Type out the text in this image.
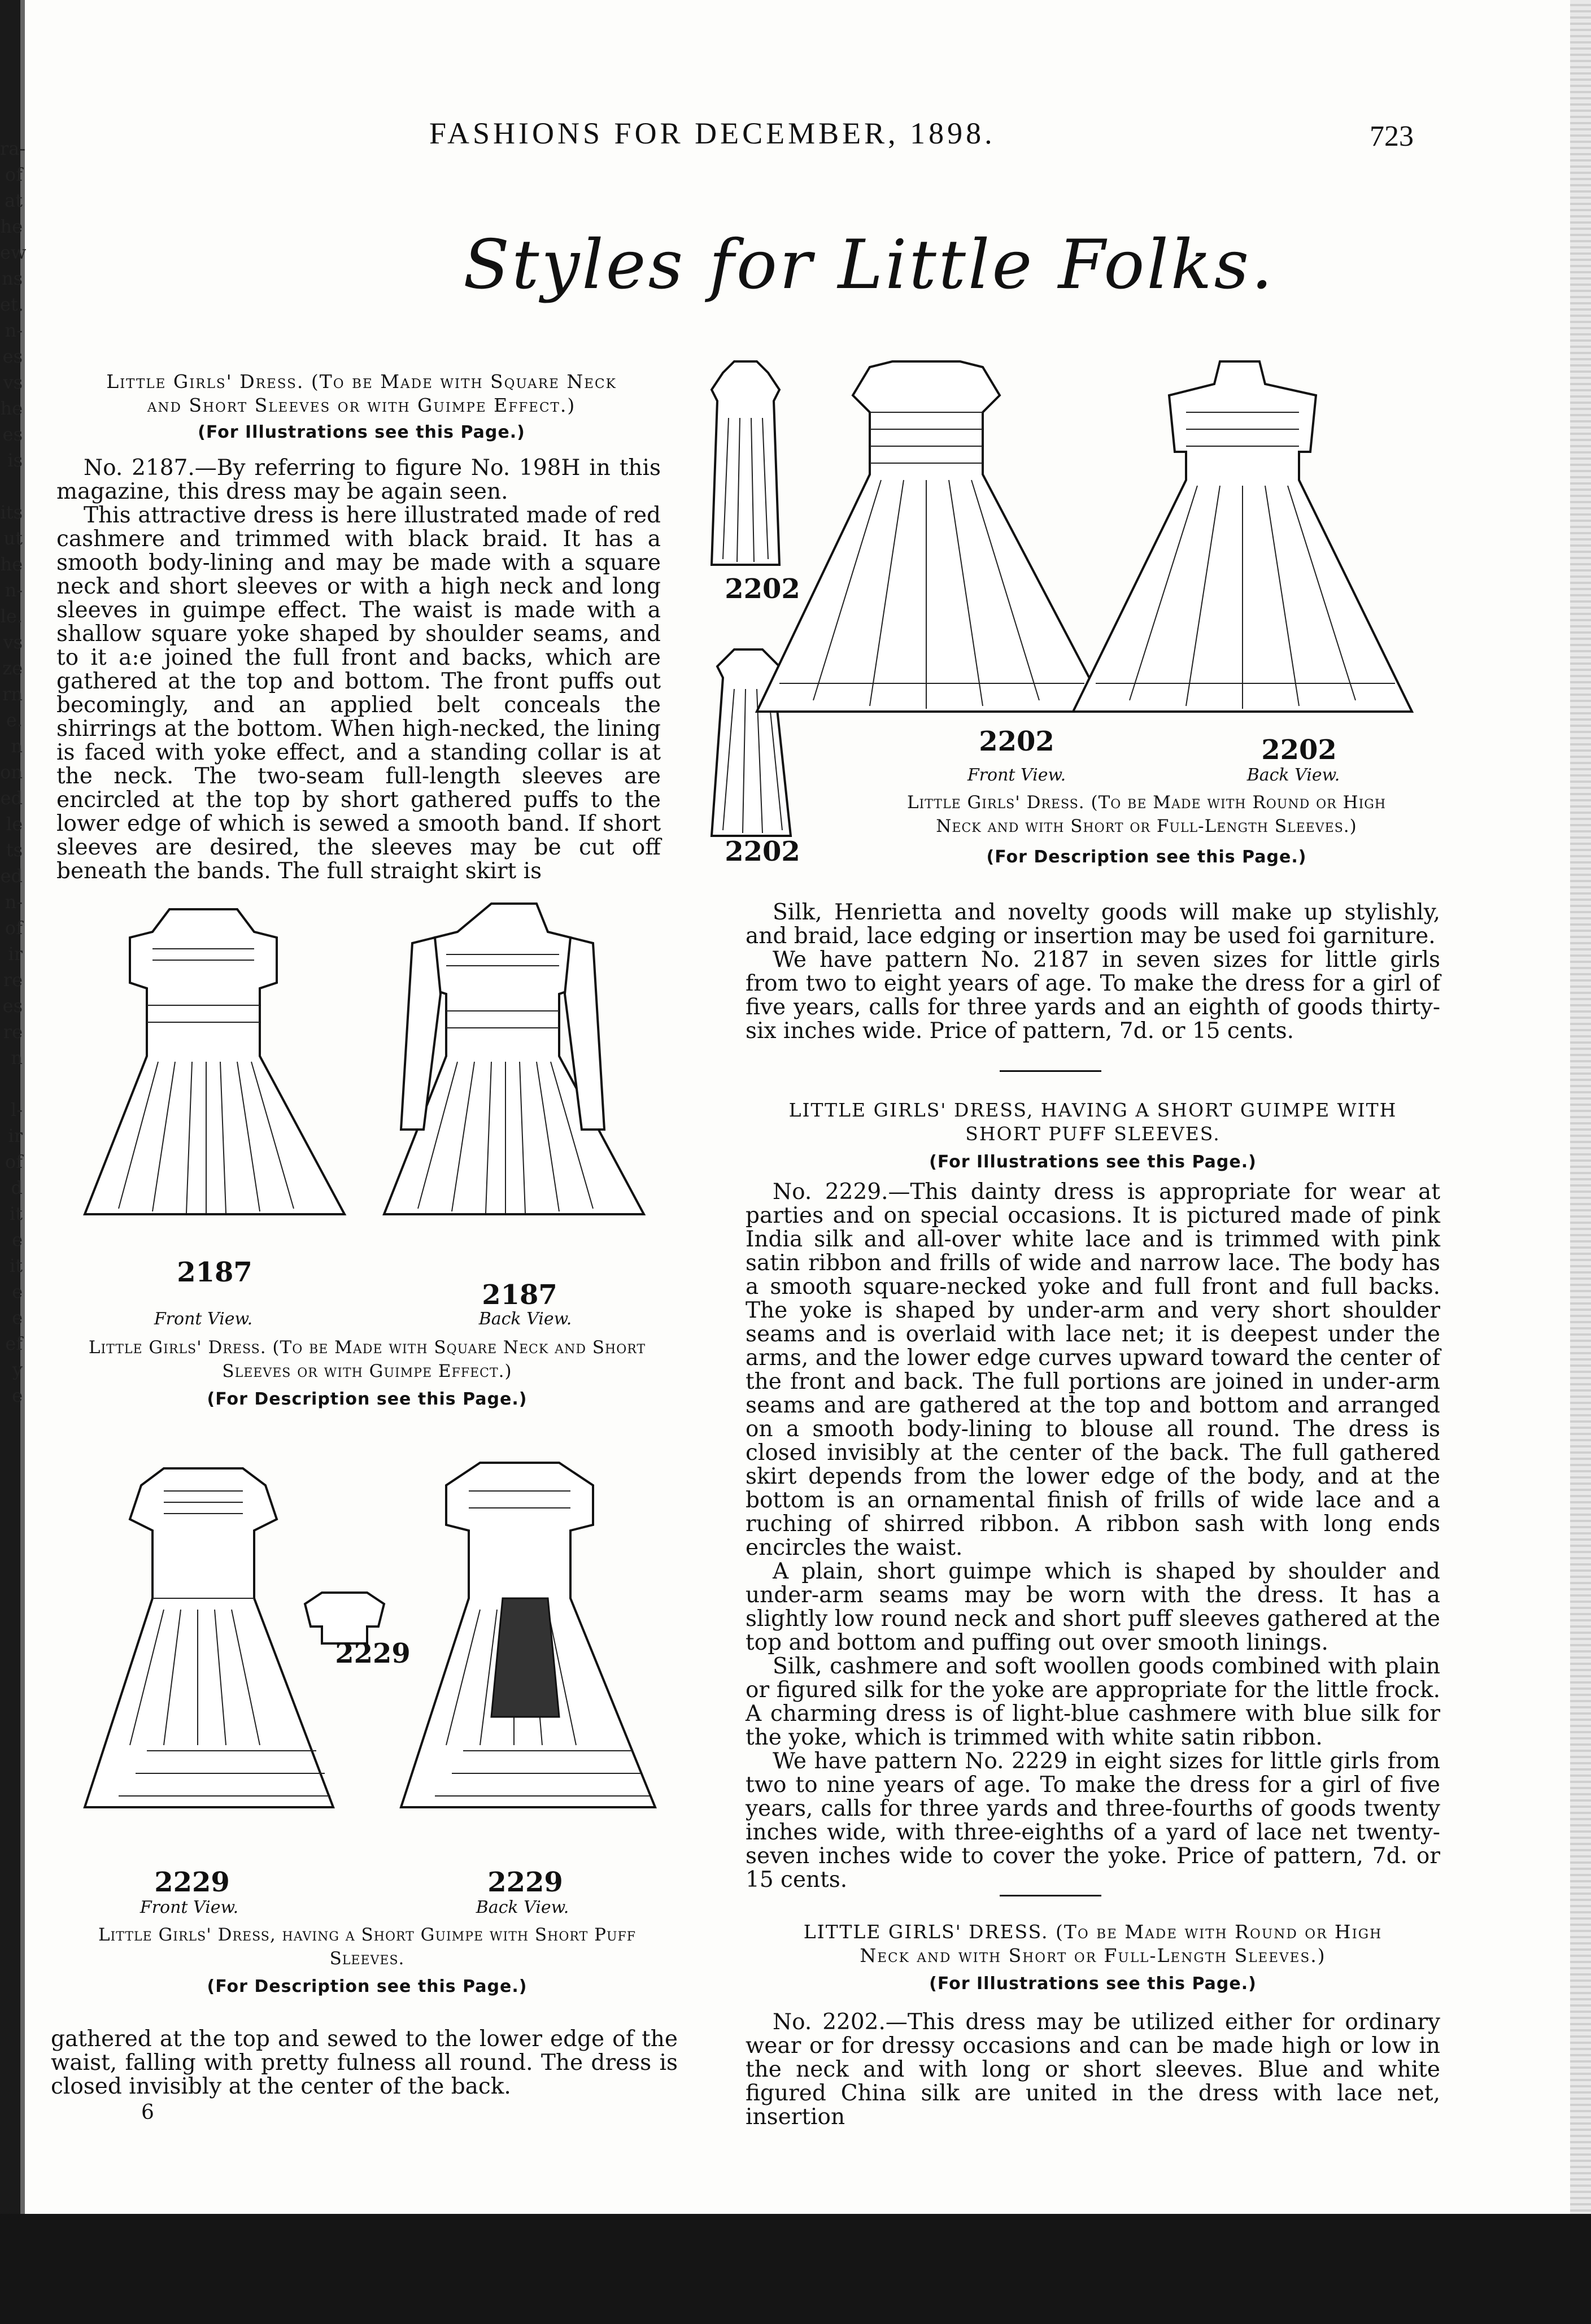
ra-
of
at
he
ew
ns
et.
n-
es
vs
he
es
is
its
ut
he
n-
le.
vs
ze
rn
e.
n
on
ed
le
ts
ed
n-
of
ir
re
es
re
n
l-
ir
of
d
it
e
it
e
e
ef
y
e
FASHIONS FOR DECEMBER, 1898.	723
Styles for Little Folks.
Little Girls' Dress. (To be Made with Square Neck
and Short Sleeves or with Guimpe Effect.)
(For Illustrations see this Page.)

No. 2187.—By referring to figure No. 198H in this magazine, this dress may be again seen.

This attractive dress is here illustrated made of red cashmere and trimmed with black braid. It has a smooth body-lining and may be made with a square neck and short sleeves or with a high neck and long sleeves in guimpe effect. The waist is made with a shallow square yoke shaped by shoulder seams, and to it a:e joined the full front and backs, which are gathered at the top and bottom. The front puffs out becomingly, and an applied belt conceals the shirrings at the bottom. When high-necked, the lining is faced with yoke effect, and a standing collar is at the neck. The two-seam full-length sleeves are encircled at the top by short gathered puffs to the lower edge of which is sewed a smooth band. If short sleeves are desired, the sleeves may be cut off beneath the bands. The full straight skirt is

2187
2187
Front View.	Back View.
Little Girls' Dress. (To be Made with Square Neck and Short
Sleeves or with Guimpe Effect.)
(For Description see this Page.)
2229
2229	2229
Front View.	Back View.
Little Girls' Dress, having a Short Guimpe with Short Puff
Sleeves.
(For Description see this Page.)
gathered at the top and sewed to the lower edge of the waist, falling with pretty fulness all round. The dress is closed invisibly at the center of the back.
6
2202
2202
2202	2202
Front View.	Back View.
Little Girls' Dress. (To be Made with Round or High
Neck and with Short or Full-Length Sleeves.)
(For Description see this Page.)

Silk, Henrietta and novelty goods will make up stylishly, and braid, lace edging or insertion may be used foi garniture.

We have pattern No. 2187 in seven sizes for little girls from two to eight years of age. To make the dress for a girl of five years, calls for three yards and an eighth of goods thirty-six inches wide. Price of pattern, 7d. or 15 cents.

LITTLE GIRLS' DRESS, HAVING A SHORT GUIMPE WITH
SHORT PUFF SLEEVES.
(For Illustrations see this Page.)

No. 2229.—This dainty dress is appropriate for wear at parties and on special occasions. It is pictured made of pink India silk and all-over white lace and is trimmed with pink satin ribbon and frills of wide and narrow lace. The body has a smooth square-necked yoke and full front and full backs. The yoke is shaped by under-arm and very short shoulder seams and is overlaid with lace net; it is deepest under the arms, and the lower edge curves upward toward the center of the front and back. The full portions are joined in under-arm seams and are gathered at the top and bottom and arranged on a smooth body-lining to blouse all round. The dress is closed invisibly at the center of the back. The full gathered skirt depends from the lower edge of the body, and at the bottom is an ornamental finish of frills of wide lace and a ruching of shirred ribbon. A ribbon sash with long ends encircles the waist.

A plain, short guimpe which is shaped by shoulder and under-arm seams may be worn with the dress. It has a slightly low round neck and short puff sleeves gathered at the top and bottom and puffing out over smooth linings.

Silk, cashmere and soft woollen goods combined with plain or figured silk for the yoke are appropriate for the little frock. A charming dress is of light-blue cashmere with blue silk for the yoke, which is trimmed with white satin ribbon.

We have pattern No. 2229 in eight sizes for little girls from two to nine years of age. To make the dress for a girl of five years, calls for three yards and three-fourths of goods twenty inches wide, with three-eighths of a yard of lace net twenty-seven inches wide to cover the yoke. Price of pattern, 7d. or 15 cents.

LITTLE GIRLS' DRESS. (To be Made with Round or High
Neck and with Short or Full-Length Sleeves.)
(For Illustrations see this Page.)

No. 2202.—This dress may be utilized either for ordinary wear or for dressy occasions and can be made high or low in the neck and with long or short sleeves. Blue and white figured China silk are united in the dress with lace net, insertion
